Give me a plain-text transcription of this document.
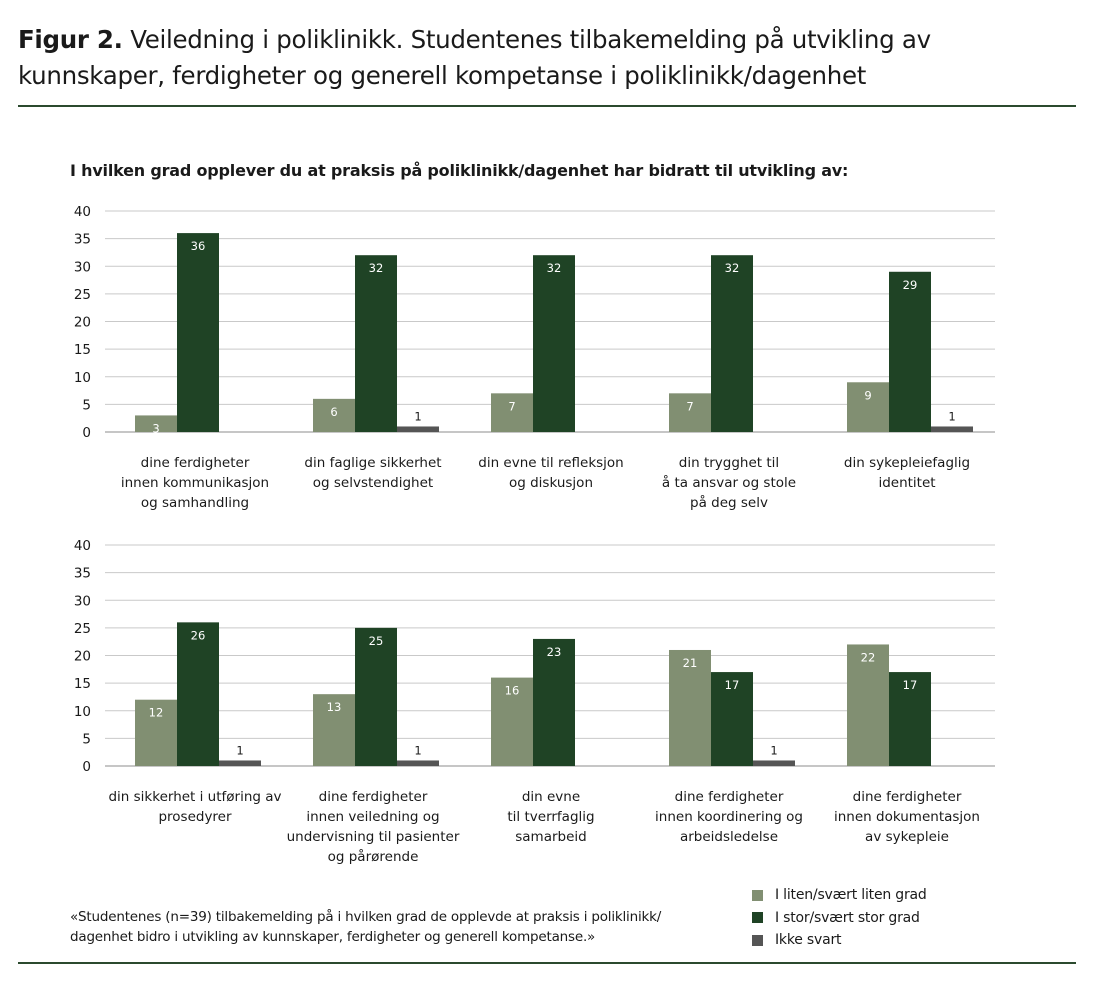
Figur 2. Veiledning i poliklinikk. Studentenes tilbakemelding på utvikling av kunnskaper, ferdigheter og generell kompetanse i poliklinikk/dagenhet
I hvilken grad opplever du at praksis på poliklinikk/dagenhet har bidratt til utvikling av:
0
5
10
15
20
25
30
35
40
3
6	7	7
9
36
32	32	32
29
1	1
dine ferdigheter
innen kommunikasjon
og samhandling
din faglige sikkerhet
og selvstendighet
din evne til refleksjon
og diskusjon
din trygghet til
å ta ansvar og stole
på deg selv
din sykepleiefaglig
identitet
0
5
10
15
20
25
30
35
40
12	13
16
21	22
26	25
23
17	17
1	1	1
din sikkerhet i utføring av
prosedyrer
dine ferdigheter
innen veiledning og
undervisning til pasienter
og pårørende
din evne
til tverrfaglig
samarbeid
dine ferdigheter
innen koordinering og
arbeidsledelse
dine ferdigheter
innen dokumentasjon
av sykepleie
«Studentenes (n=39) tilbakemelding på i hvilken grad de opplevde at praksis i poliklinikk/ dagenhet bidro i utvikling av kunnskaper, ferdigheter og generell kompetanse.»
I liten/svært liten grad
I stor/svært stor grad
Ikke svart
